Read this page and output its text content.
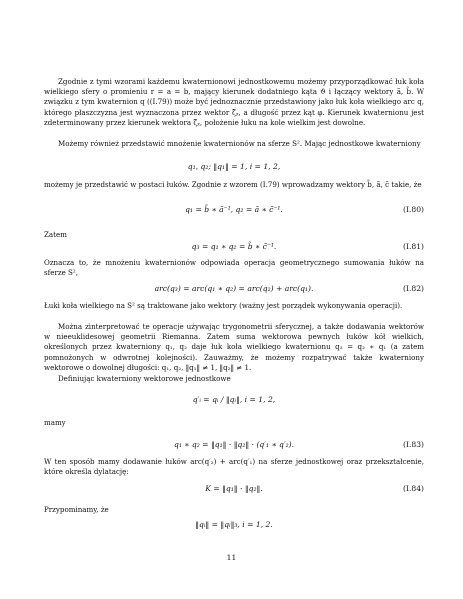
Zgodnie z tymi wzorami każdemu kwaternionowi jednostkowemu możemy przyporządkować łuk koła wielkiego sfery o promieniu r = a = b, mający kierunek dodatniego kąta ϑ i łączący wektory ã, b̃. W związku z tym kwaternion q ((I.79)) może być jednoznacznie przedstawiony jako łuk koła wielkiego arc q, którego płaszczyzna jest wyznaczona przez wektor ζ̃ᵪ, a długość przez kąt φ. Kierunek kwaternionu jest zdeterminowany przez kierunek wektora ζ̃ᵪ, położenie łuku na kole wielkim jest dowolne.

Możemy również przedstawić mnożenie kwaternionów na sferze S². Mając jednostkowe kwaterniony

q₁, q₂; ‖q₁‖ = 1, i = 1, 2,

możemy je przedstawić w postaci łuków. Zgodnie z wzorem (I.79) wprowadzamy wektory b̃, ã, c̃ takie, że

q₁ = b̃ ∗ ã⁻¹, q₂ = ã ∗ c̃⁻¹.	(I.80)

Zatem

q₃ = q₁ ∗ q₂ = b̃ ∗ c̃⁻¹.	(I.81)

Oznacza to, że mnożeniu kwaternionów odpowiada operacja geometrycznego sumowania łuków na sferze S²,

arc(q₃) = arc(q₁ ∗ q₂) = arc(q₂) + arc(q₁).	(I.82)

Łuki koła wielkiego na S² są traktowane jako wektory (ważny jest porządek wykonywania operacji).

Można zinterpretować te operacje używając trygonometrii sferycznej, a także dodawania wektorów w nieeuklidesowej geometrii Riemanna. Zatem suma wektorowa pewnych łuków kół wielkich, określonych przez kwaterniony q₁, q₂ daje łuk koła wielkiego kwaternionu q₃ = q₂ ∗ q₁ (a zatem pomnożonych w odwrotnej kolejności). Zauważmy, że możemy rozpatrywać także kwaterniony wektorowe o dowolnej długości: q₁, q₂, ‖q₁‖ ≠ 1, ‖q₂‖ ≠ 1.

Definiując kwaterniony wektorowe jednostkowe

q′ᵢ = qᵢ / ‖qᵢ‖, i = 1, 2,

mamy

q₁ ∗ q₂ = ‖q₁‖ · ‖q₂‖ · (q′₁ ∗ q′₂).	(I.83)

W ten sposób mamy dodawanie łuków arc(q′₂) + arc(q′₁) na sferze jednostkowej oraz przekształcenie, które określa dylatację:

K = ‖q₁‖ · ‖q₂‖.	(I.84)

Przypominamy, że

‖qᵢ‖ = ‖qᵢ‖₃, i = 1, 2.
11
